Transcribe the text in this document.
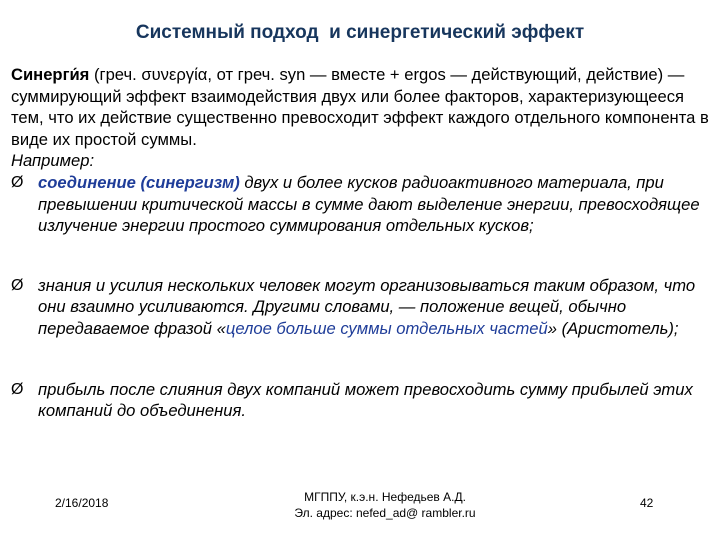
Системный подход  и синергетический эффект

Синерги́я (греч. συνεργία, от греч. syn — вместе + ergos — действующий, действие) — суммирующий эффект взаимодействия двух или более факторов, характеризующееся тем, что их действие существенно превосходит эффект каждого отдельного компонента в виде их простой суммы.

Например:

Ø соединение (синергизм) двух и более кусков радиоактивного материала, при превышении критической массы в сумме дают выделение энергии, превосходящее излучение энергии простого суммирования отдельных кусков;
Ø знания и усилия нескольких человек могут организовываться таким образом, что они взаимно усиливаются. Другими словами, — положение вещей, обычно передаваемое фразой «целое больше суммы отдельных частей» (Аристотель);
Ø прибыль после слияния двух компаний может превосходить сумму прибылей этих компаний до объединения.
2/16/2018	МГППУ, к.э.н. Нефедьев А.Д.
Эл. адрес: nefed_ad@ rambler.ru
42
